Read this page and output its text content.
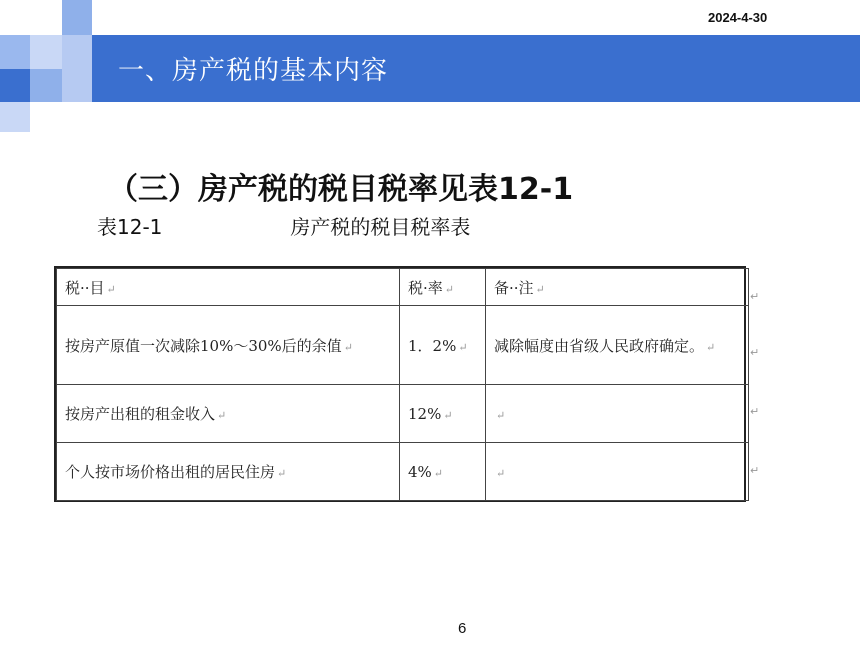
2024-4-30
一、房产税的基本内容
（三）房产税的税目税率见表12-1
表12-1	房产税的税目税率表
税··目 ↵	税·率 ↵	备··注 ↵
按房产原值一次减除10%～30%后的余值 ↵	1．2% ↵	减除幅度由省级人民政府确定。 ↵
按房产出租的租金收入 ↵	12% ↵	↵
个人按市场价格出租的居民住房 ↵	4% ↵	↵
↵
↵
↵
↵
6
